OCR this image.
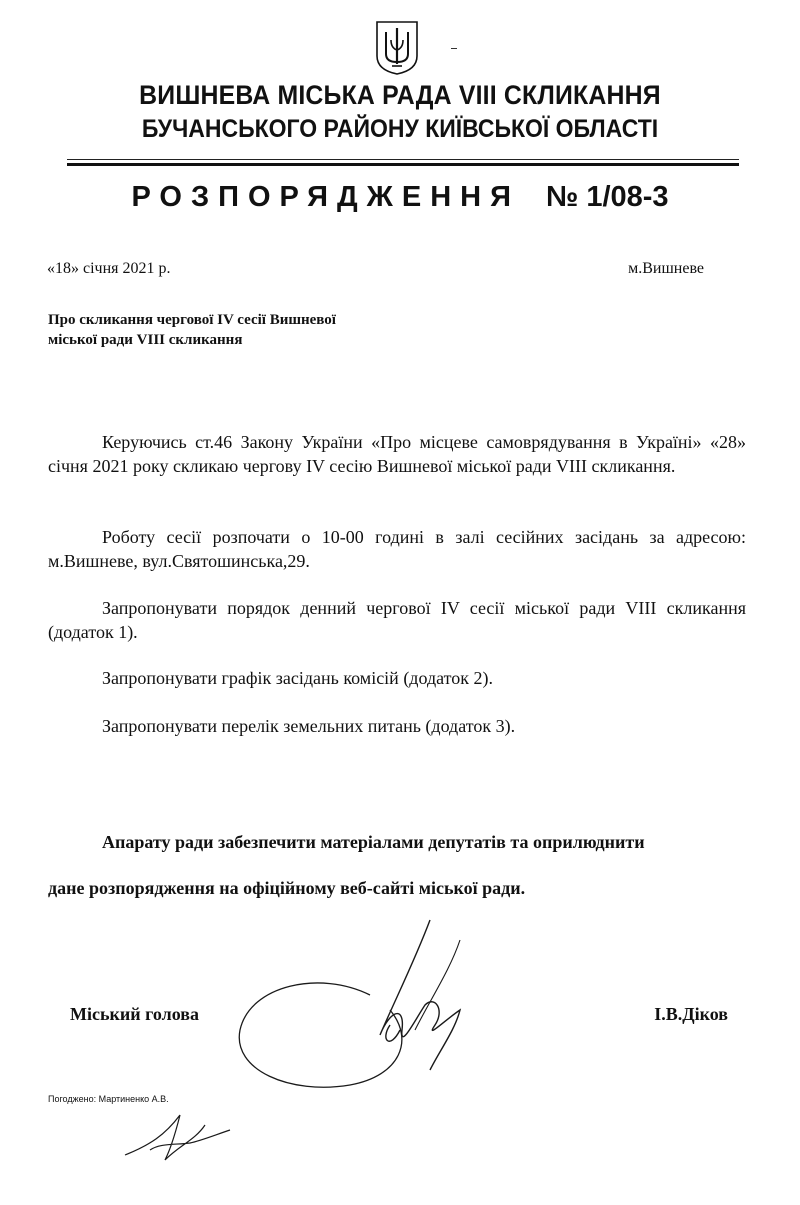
ВИШНЕВА МІСЬКА РАДА VIII СКЛИКАННЯ
БУЧАНСЬКОГО РАЙОНУ КИЇВСЬКОЇ ОБЛАСТІ
РОЗПОРЯДЖЕННЯ № 1/08-3
«18» січня 2021 р.	м.Вишневе
Про скликання чергової IV сесії Вишневої
міської ради VIII скликання

Керуючись ст.46 Закону України «Про місцеве самоврядування в Україні» «28» січня 2021 року скликаю чергову IV сесію Вишневої міської ради VIII скликання.

Роботу сесії розпочати о 10-00 годині в залі сесійних засідань за адресою: м.Вишневе, вул.Святошинська,29.

Запропонувати порядок денний чергової IV сесії міської ради VIII скликання (додаток 1).

Запропонувати графік засідань комісій (додаток 2).

Запропонувати перелік земельних питань (додаток 3).

Апарату ради забезпечити матеріалами депутатів та оприлюднити
дане розпорядження на офіційному веб-сайті міської ради.
Міський голова	І.В.Діков
Погоджено: Мартиненко А.В.
